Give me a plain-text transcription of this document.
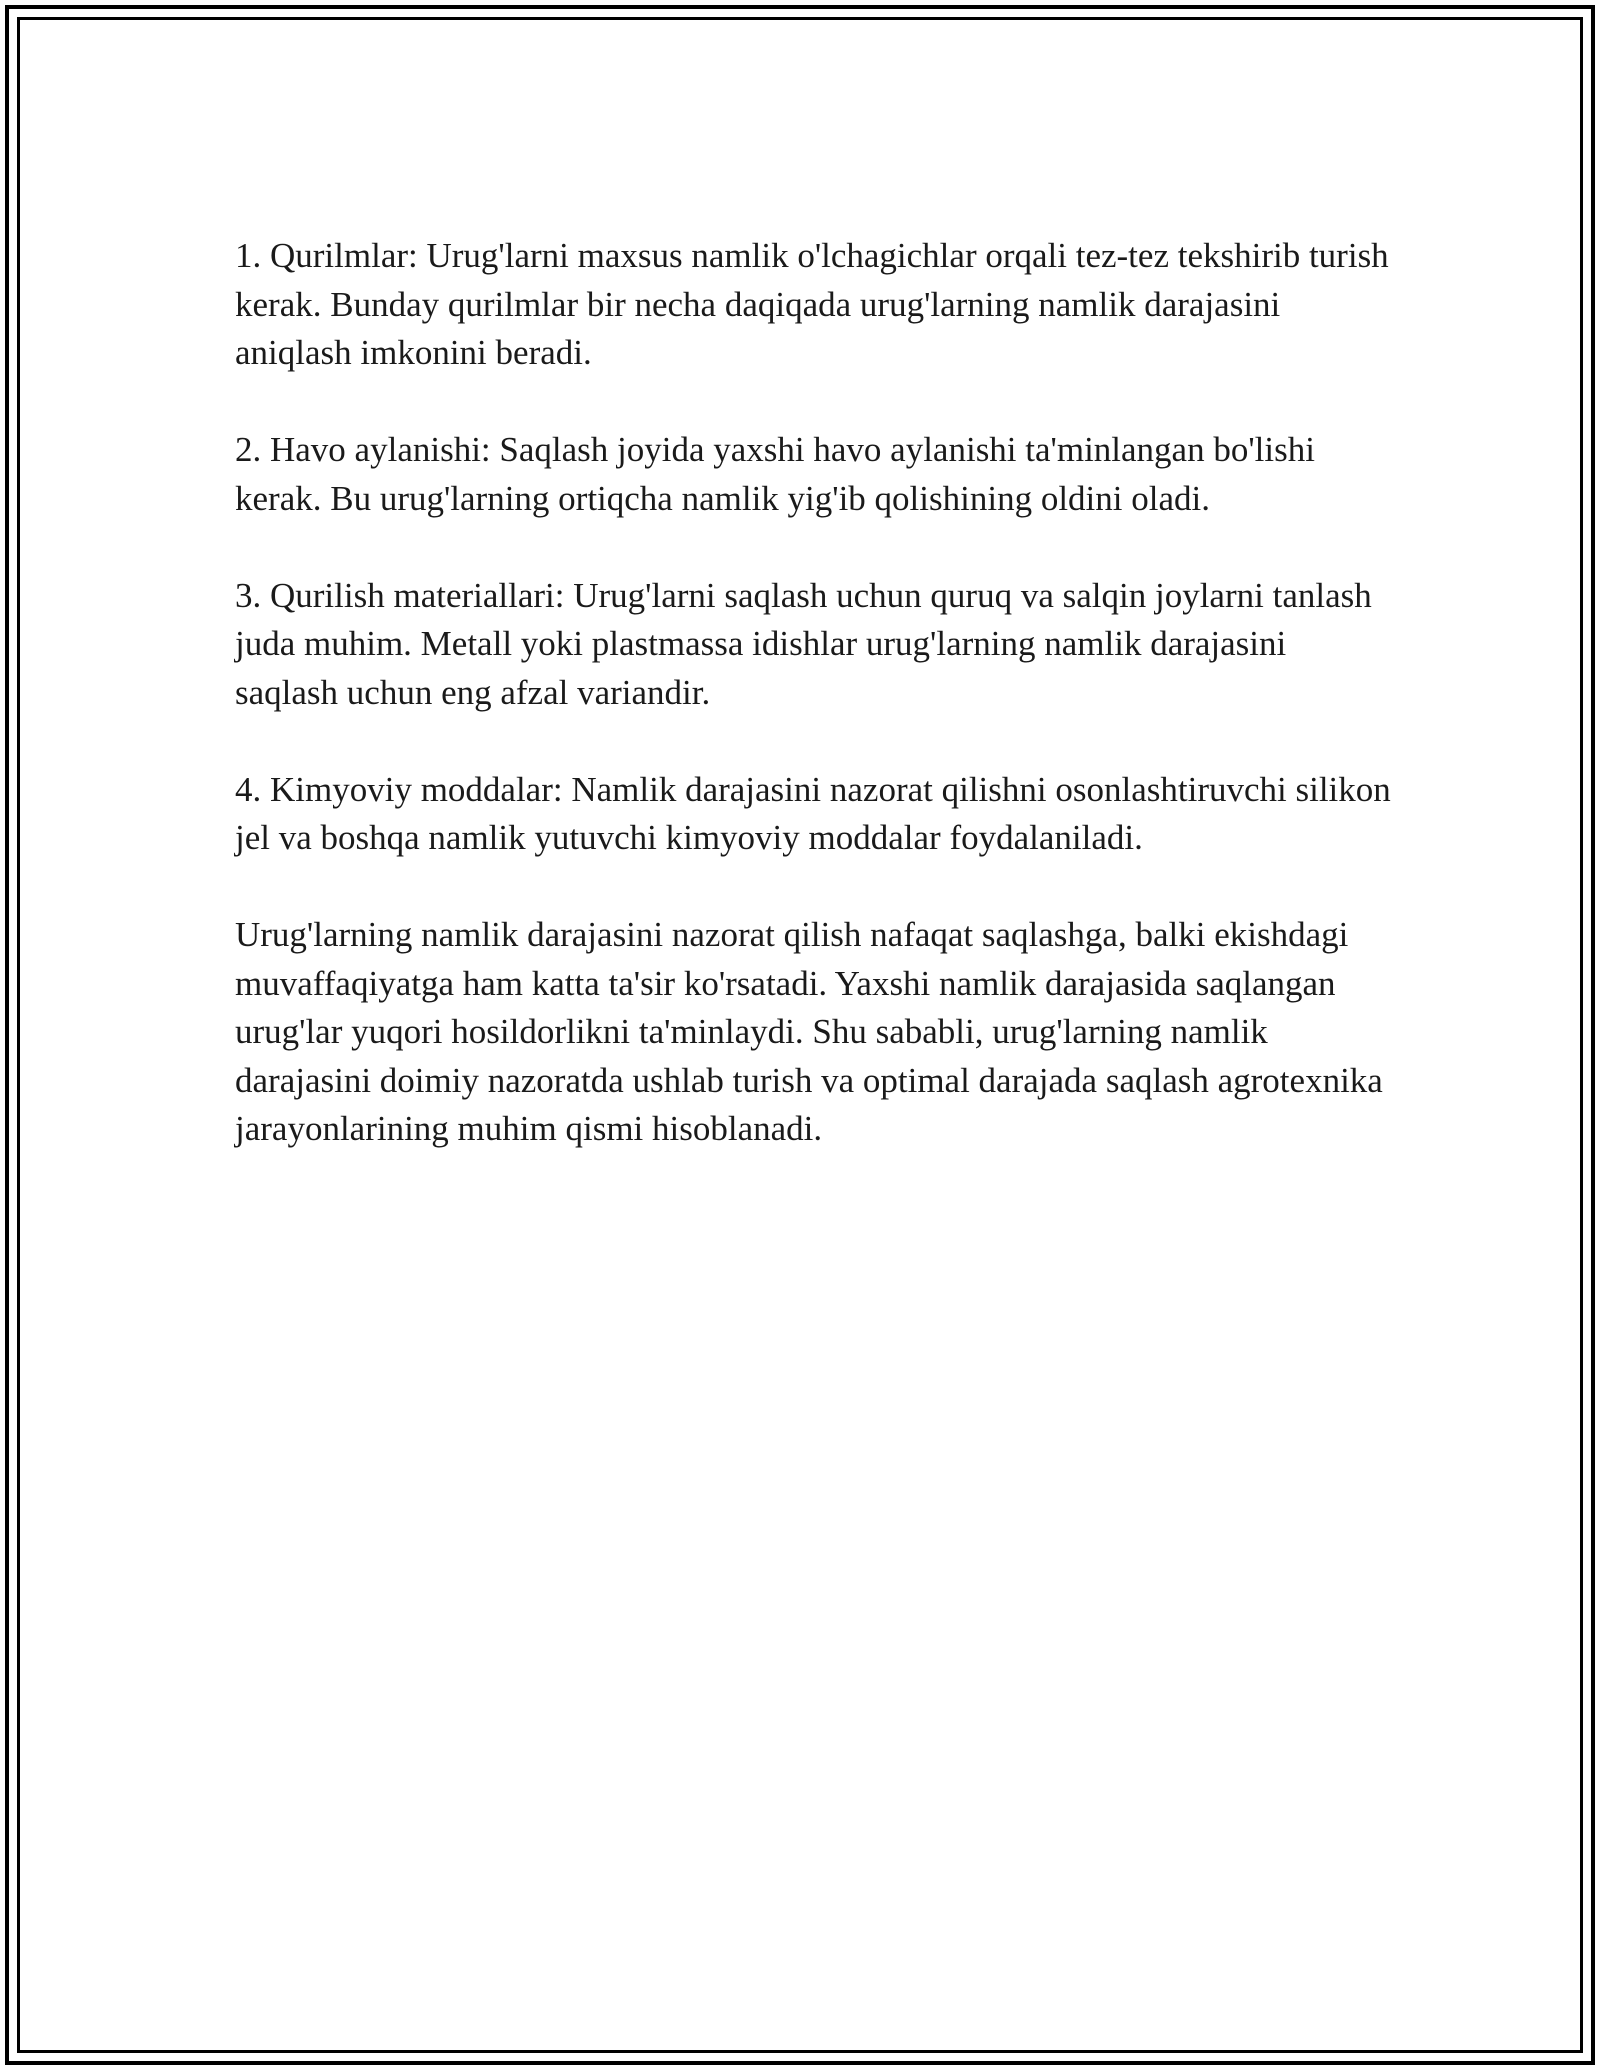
1. Qurilmlar: Urug'larni maxsus namlik o'lchagichlar orqali tez-tez tekshirib turish kerak. Bunday qurilmlar bir necha daqiqada urug'larning namlik darajasini aniqlash imkonini beradi.

2. Havo aylanishi: Saqlash joyida yaxshi havo aylanishi ta'minlangan bo'lishi kerak. Bu urug'larning ortiqcha namlik yig'ib qolishining oldini oladi.

3. Qurilish materiallari: Urug'larni saqlash uchun quruq va salqin joylarni tanlash juda muhim. Metall yoki plastmassa idishlar urug'larning namlik darajasini saqlash uchun eng afzal variandir.

4. Kimyoviy moddalar: Namlik darajasini nazorat qilishni osonlashtiruvchi silikon jel va boshqa namlik yutuvchi kimyoviy moddalar foydalaniladi.

Urug'larning namlik darajasini nazorat qilish nafaqat saqlashga, balki ekishdagi muvaffaqiyatga ham katta ta'sir ko'rsatadi. Yaxshi namlik darajasida saqlangan urug'lar yuqori hosildorlikni ta'minlaydi. Shu sababli, urug'larning namlik darajasini doimiy nazoratda ushlab turish va optimal darajada saqlash agrotexnika jarayonlarining muhim qismi hisoblanadi.
